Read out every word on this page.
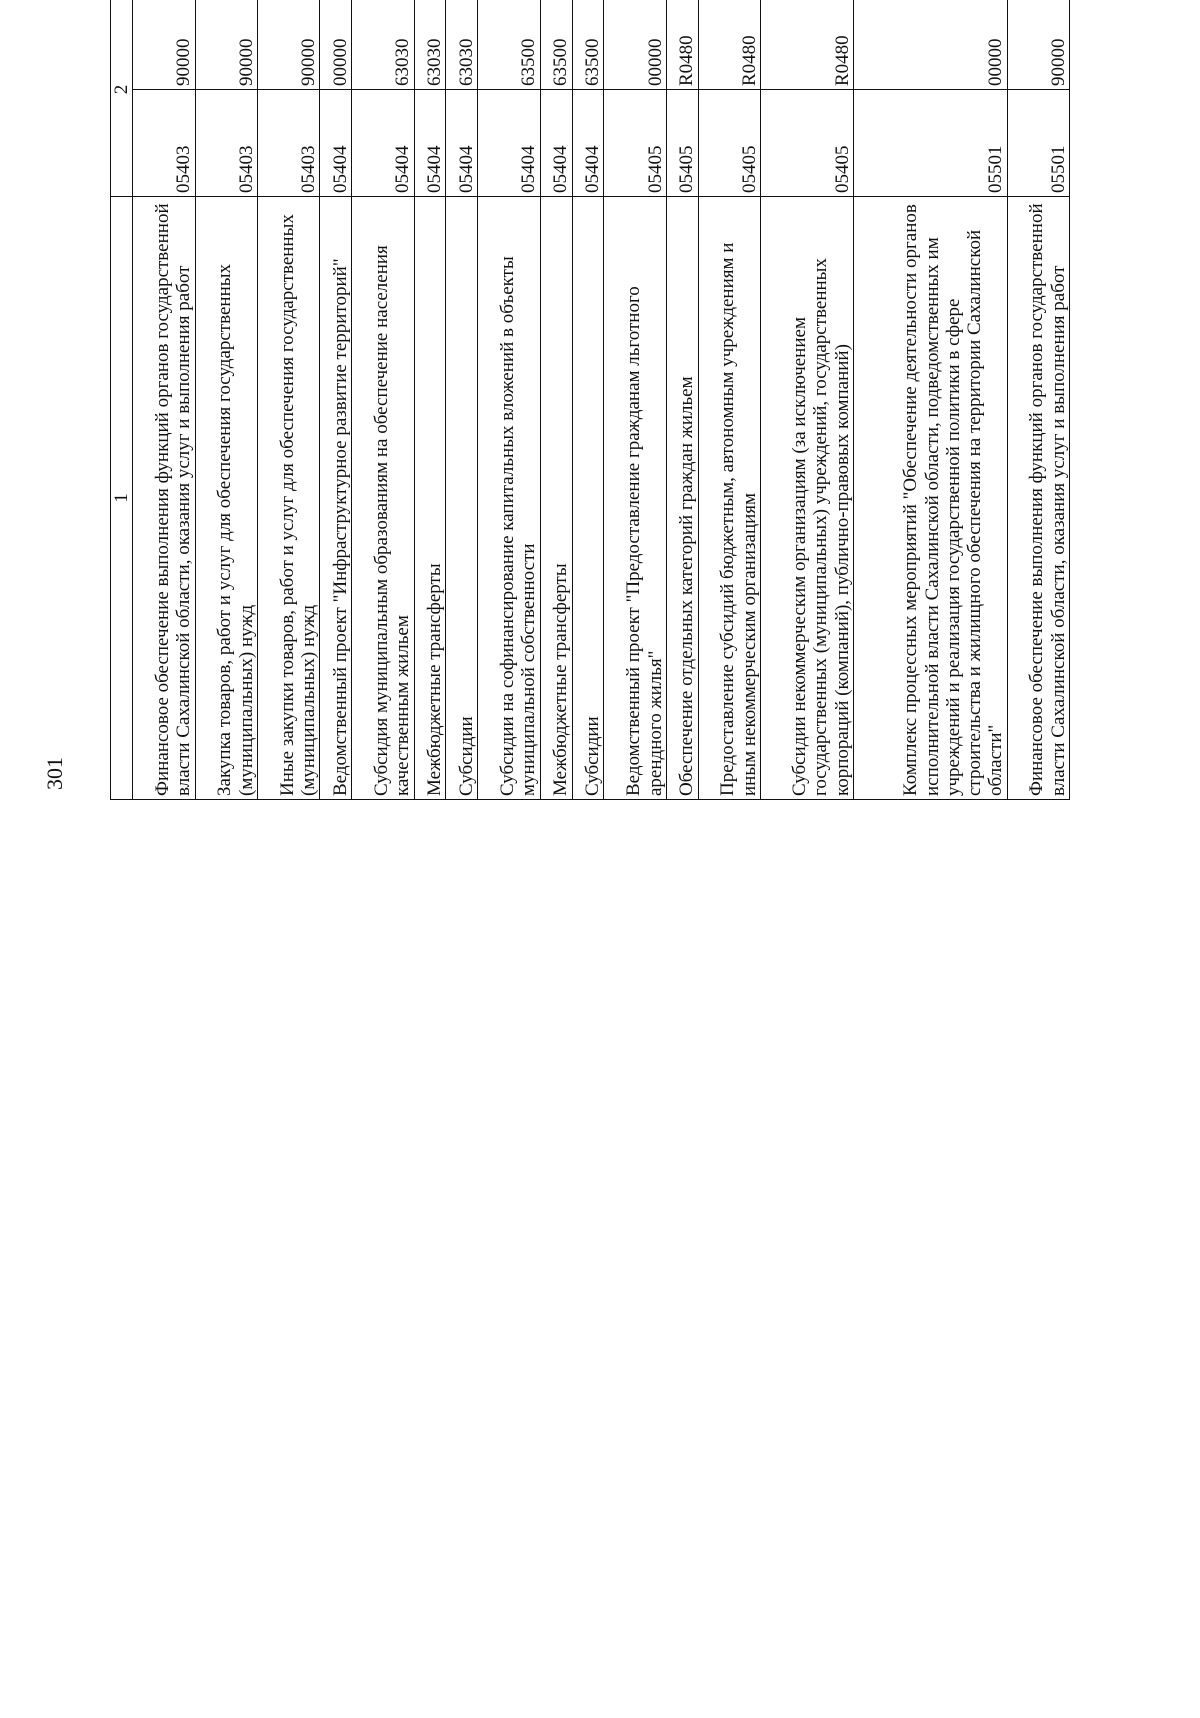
301
1	2				
Финансовое обеспечение выполнения функций органов государственной власти Сахалинской области, оказания услуг и выполнения работ	05403	90000				
Закупка товаров, работ и услуг для обеспечения государственных (муниципальных) нужд	05403	90000				
Иные закупки товаров, работ и услуг для обеспечения государственных (муниципальных) нужд	05403	90000				
Ведомственный проект "Инфраструктурное развитие территорий"	05404	00000				
Субсидия муниципальным образованиям на обеспечение населения качественным жильем	05404	63030				
Межбюджетные трансферты	05404	63030				
Субсидии	05404	63030				
Субсидии на софинансирование капитальных вложений в объекты муниципальной собственности	05404	63500				
Межбюджетные трансферты	05404	63500				
Субсидии	05404	63500				
Ведомственный проект "Предоставление гражданам льготного арендного жилья"	05405	00000				
Обеспечение отдельных категорий граждан жильем	05405	R0480				
Предоставление субсидий бюджетным, автономным учреждениям и иным некоммерческим организациям	05405	R0480				
Субсидии некоммерческим организациям (за исключением государственных (муниципальных) учреждений, государственных корпораций (компаний), публично-правовых компаний)	05405	R0480				
Комплекс процессных мероприятий "Обеспечение деятельности органов исполнительной власти Сахалинской области, подведомственных им учреждений и реализация государственной политики в сфере строительства и жилищного обеспечения на территории Сахалинской области"	05501	00000				
Финансовое обеспечение выполнения функций органов государственной власти Сахалинской области, оказания услуг и выполнения работ	05501	90000				
